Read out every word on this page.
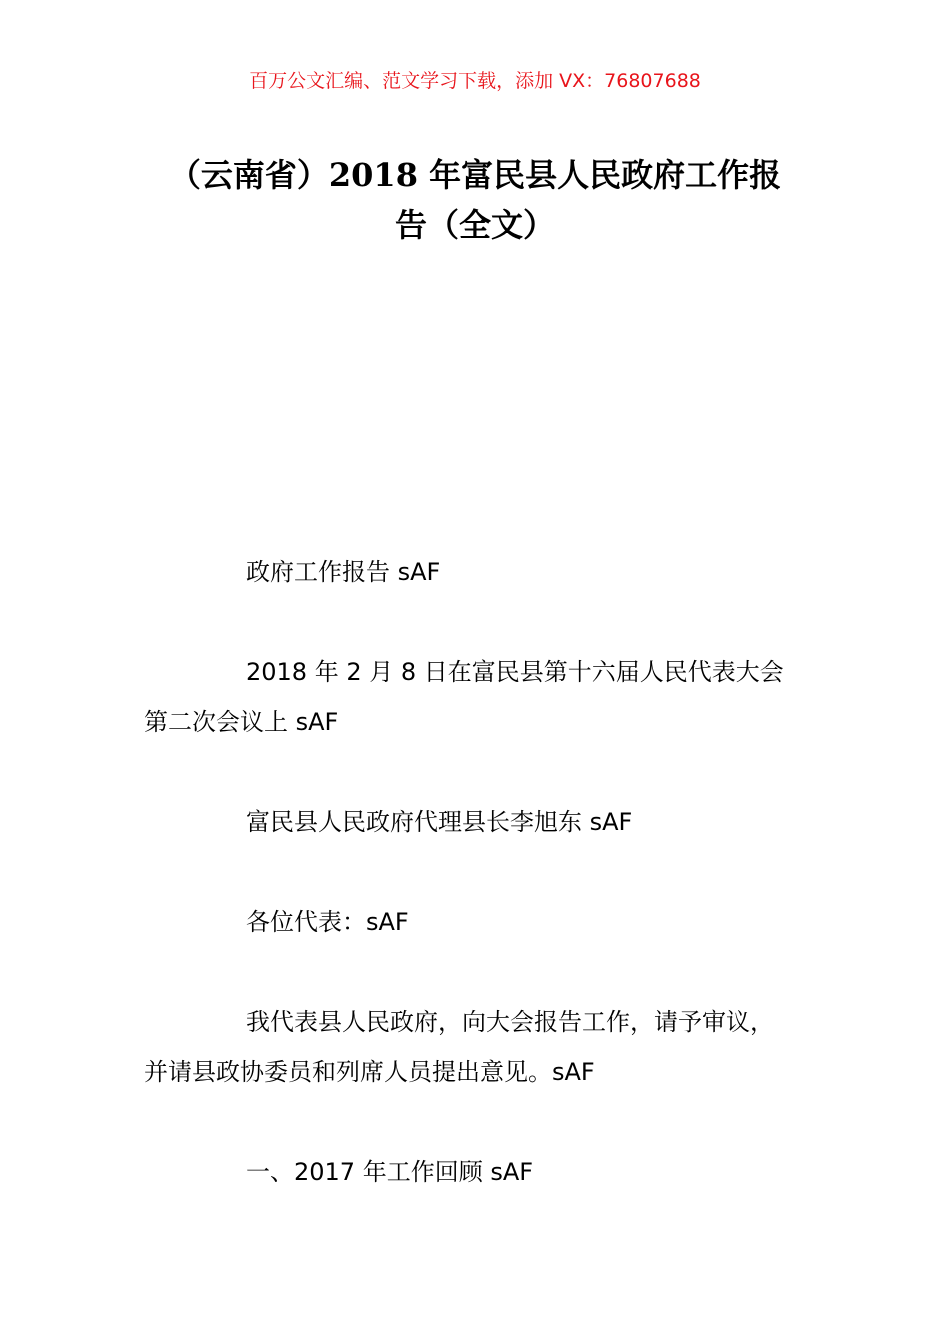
百万公文汇编、范文学习下载，添加 VX：76807688
（云南省）2018 年富民县人民政府工作报
告（全文）

政府工作报告 sAF

2018 年 2 月 8 日在富民县第十六届人民代表大会
第二次会议上 sAF

富民县人民政府代理县长李旭东 sAF

各位代表：sAF

我代表县人民政府，向大会报告工作，请予审议，
并请县政协委员和列席人员提出意见。sAF

一、2017 年工作回顾 sAF
